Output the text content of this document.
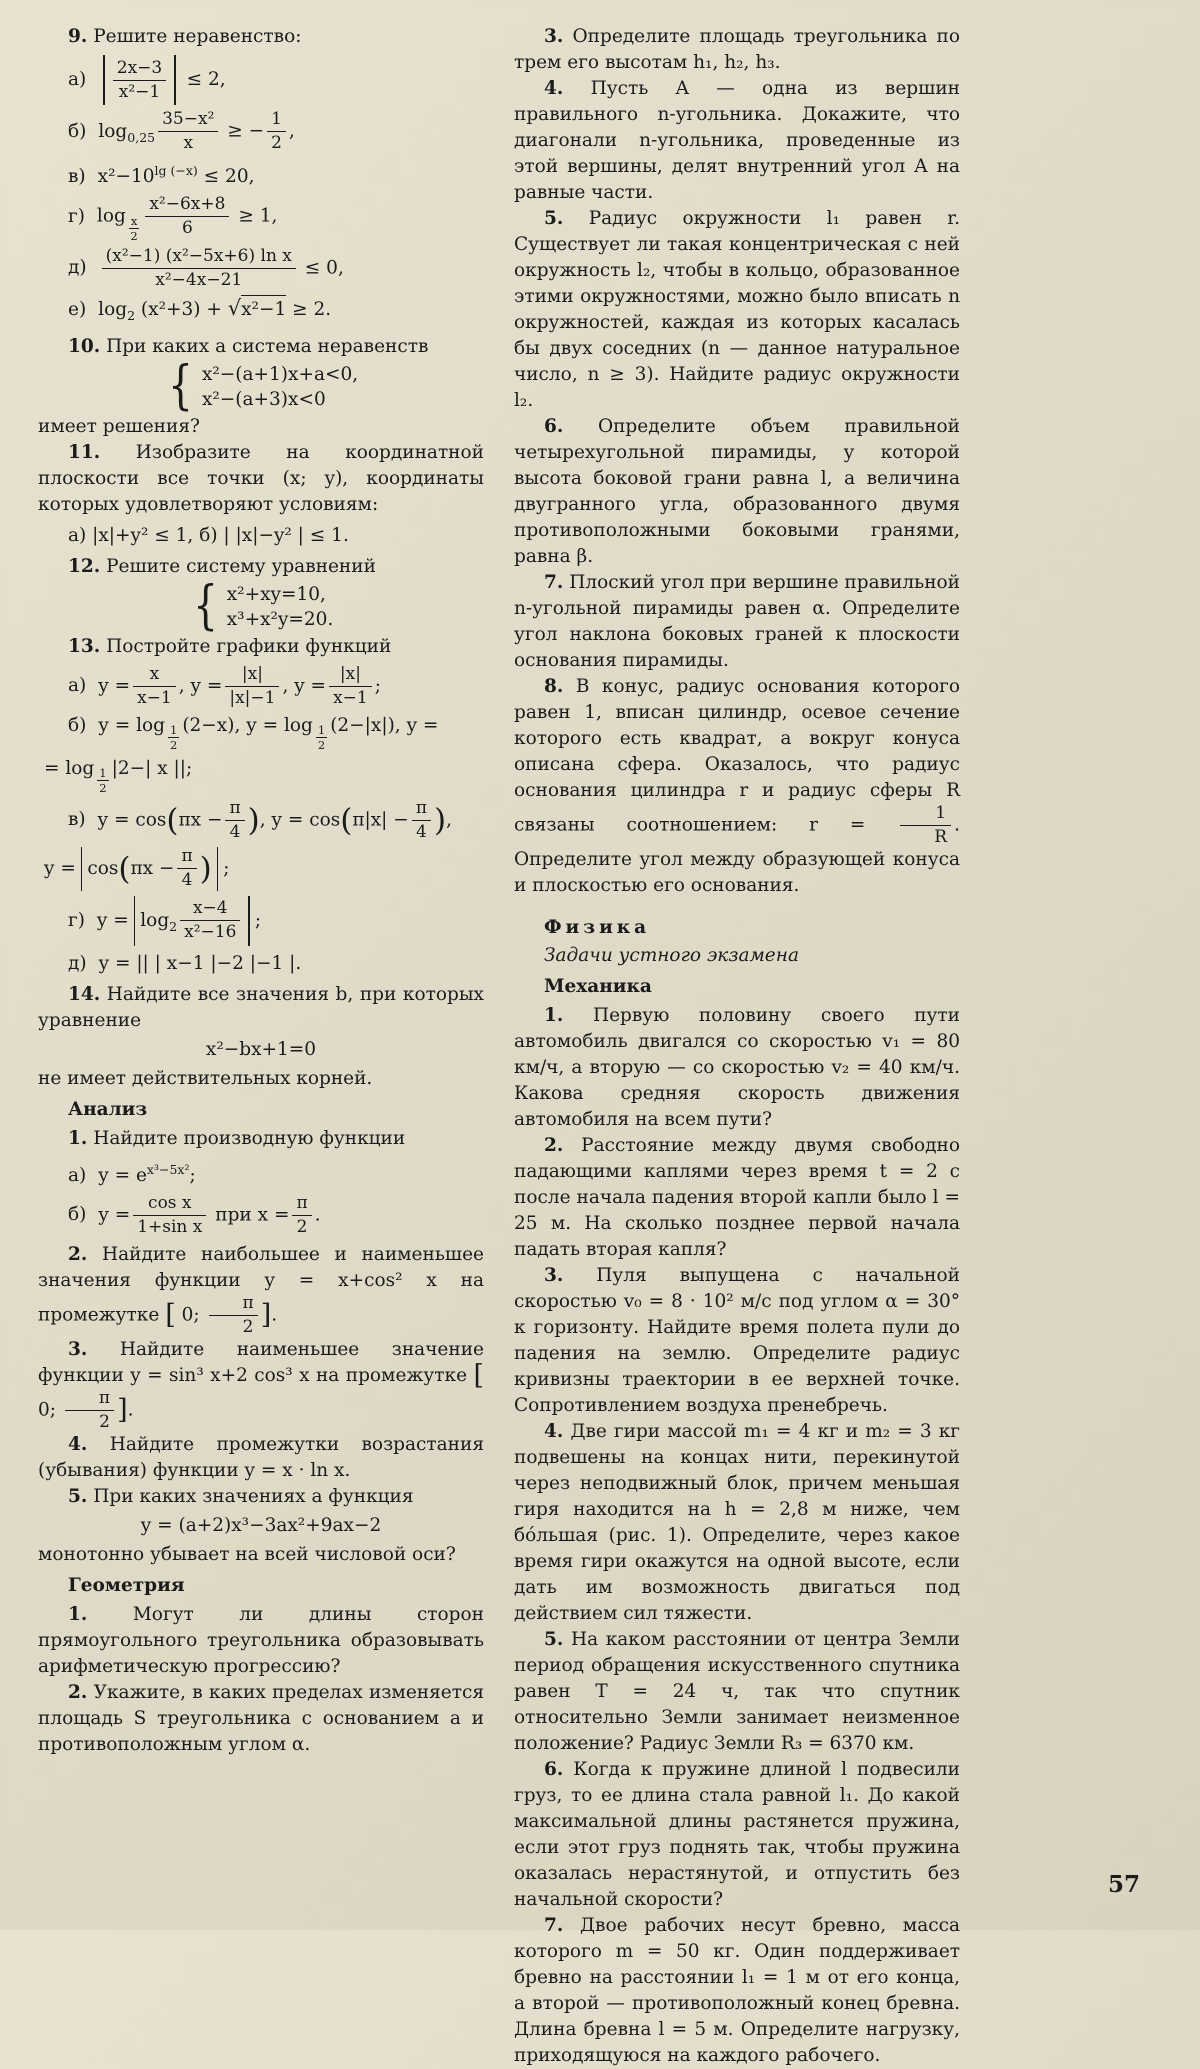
9. Решите неравенство:

$а) \frac{2x-3}{\text{x²−1}} \le 2$,
б) $\log_{0,25} \frac{\text{35−x²}}{x}$ ≥ − $\frac{1}{2}$ ,
в) $x^2-10^{lg (-x)} \le 20$,
г) $\log \frac{x}{2} \frac{\text{x²−6x+8}}{6} \ge 1$,
$д) \frac{\text{(x²−1) (x²−5x+6) ln x}}{\text{x²−4x−21}} \le 0$,
е) $\log_2 (x^2+3) + √x^2-1 \ge 2$.

10. При каких a система неравенств

{ x²−(a+1)x+a<0,
x²−(a+3)x<0

имеет решения?

11. Изобразите на координатной плоскости все точки (x; y), координаты которых удовлетворяют условиям:

а) |x|+y² ≤ 1, б) | |x|−y² | ≤ 1.

12. Решите систему уравнений

{ x²+xy=10,
x³+x²y=20.

13. Постройте графики функций

а) $y = \frac{x}{x-1}$ , $y = \frac{|x|}{|x|-1}$ , $y = \frac{|x|}{x-1}$ ;
б) $y = \log \frac{1}{2} (2-x)$, $y = \log \frac{1}{2} (2-|x|)$, y =
= $\log \frac{1}{2} |2-|$ x ||;
в) $y = \cos(\pi x - \frac{\pi}{4}$ ), $y = \cos(\pi|x| - \frac{\pi}{4}$ ),
$y = \cos(\pi x - \frac{\pi}{4}$ ) ;
г) $y = \log_2 \frac{x-4}{\text{x²−16}}$ ;
д) y = || | x−1 |−2 |−1 |.

14. Найдите все значения b, при которых уравнение

x²−bx+1=0

не имеет действительных корней.

Анализ

1. Найдите производную функции

а) $y = e^{x^3-5x^2}$;
б) $y = \frac{\text{cos x}}{\text{1+sin x}}$ при $x = \frac{\pi}{2}$ .

2. Найдите наибольшее и наименьшее значения функции y = x+cos² x на промежутке [ 0; $\frac{\pi}{2}$ ].

3. Найдите наименьшее значение функции y = sin³ x+2 cos³ x на промежутке [ 0; $\frac{\pi}{2}$ ].

4. Найдите промежутки возрастания (убывания) функции y = x · ln x.

5. При каких значениях a функция

y = (a+2)x³−3ax²+9ax−2

монотонно убывает на всей числовой оси?

Геометрия

1. Могут ли длины сторон прямоугольного треугольника образовывать арифметическую прогрессию?

2. Укажите, в каких пределах изменяется площадь S треугольника с основанием a и противоположным углом α.

3. Определите площадь треугольника по трем его высотам h₁, h₂, h₃.

4. Пусть A — одна из вершин правильного n-угольника. Докажите, что диагонали n-угольника, проведенные из этой вершины, делят внутренний угол A на равные части.

5. Радиус окружности l₁ равен r. Существует ли такая концентрическая с ней окружность l₂, чтобы в кольцо, образованное этими окружностями, можно было вписать n окружностей, каждая из которых касалась бы двух соседних (n — данное натуральное число, n ≥ 3). Найдите радиус окружности l₂.

6. Определите объем правильной четырехугольной пирамиды, у которой высота боковой грани равна l, а величина двугранного угла, образованного двумя противоположными боковыми гранями, равна β.

7. Плоский угол при вершине правильной n-угольной пирамиды равен α. Определите угол наклона боковых граней к плоскости основания пирамиды.

8. В конус, радиус основания которого равен 1, вписан цилиндр, осевое сечение которого есть квадрат, а вокруг конуса описана сфера. Оказалось, что радиус основания цилиндра r и радиус сферы R связаны соотношением: $r = \frac{1}{R}$ . Определите угол между образующей конуса и плоскостью его основания.

Физика

Задачи устного экзамена

Механика

1. Первую половину своего пути автомобиль двигался со скоростью v₁ = 80 км/ч, а вторую — со скоростью v₂ = 40 км/ч. Какова средняя скорость движения автомобиля на всем пути?

2. Расстояние между двумя свободно падающими каплями через время t = 2 с после начала падения второй капли было l = 25 м. На сколько позднее первой начала падать вторая капля?

3. Пуля выпущена с начальной скоростью v₀ = 8 · 10² м/с под углом α = 30° к горизонту. Найдите время полета пули до падения на землю. Определите радиус кривизны траектории в ее верхней точке. Сопротивлением воздуха пренебречь.

4. Две гири массой m₁ = 4 кг и m₂ = 3 кг подвешены на концах нити, перекинутой через неподвижный блок, причем меньшая гиря находится на h = 2,8 м ниже, чем бо́льшая (рис. 1). Определите, через какое время гири окажутся на одной высоте, если дать им возможность двигаться под действием сил тяжести.

5. На каком расстоянии от центра Земли период обращения искусственного спутника равен T = 24 ч, так что спутник относительно Земли занимает неизменное положение? Радиус Земли R₃ = 6370 км.

6. Когда к пружине длиной l подвесили груз, то ее длина стала равной l₁. До какой максимальной длины растянется пружина, если этот груз поднять так, чтобы пружина оказалась нерастянутой, и отпустить без начальной скорости?

7. Двое рабочих несут бревно, масса которого m = 50 кг. Один поддерживает бревно на расстоянии l₁ = 1 м от его конца, а второй — противоположный конец бревна. Длина бревна l = 5 м. Определите нагрузку, приходящуюся на каждого рабочего.

57
